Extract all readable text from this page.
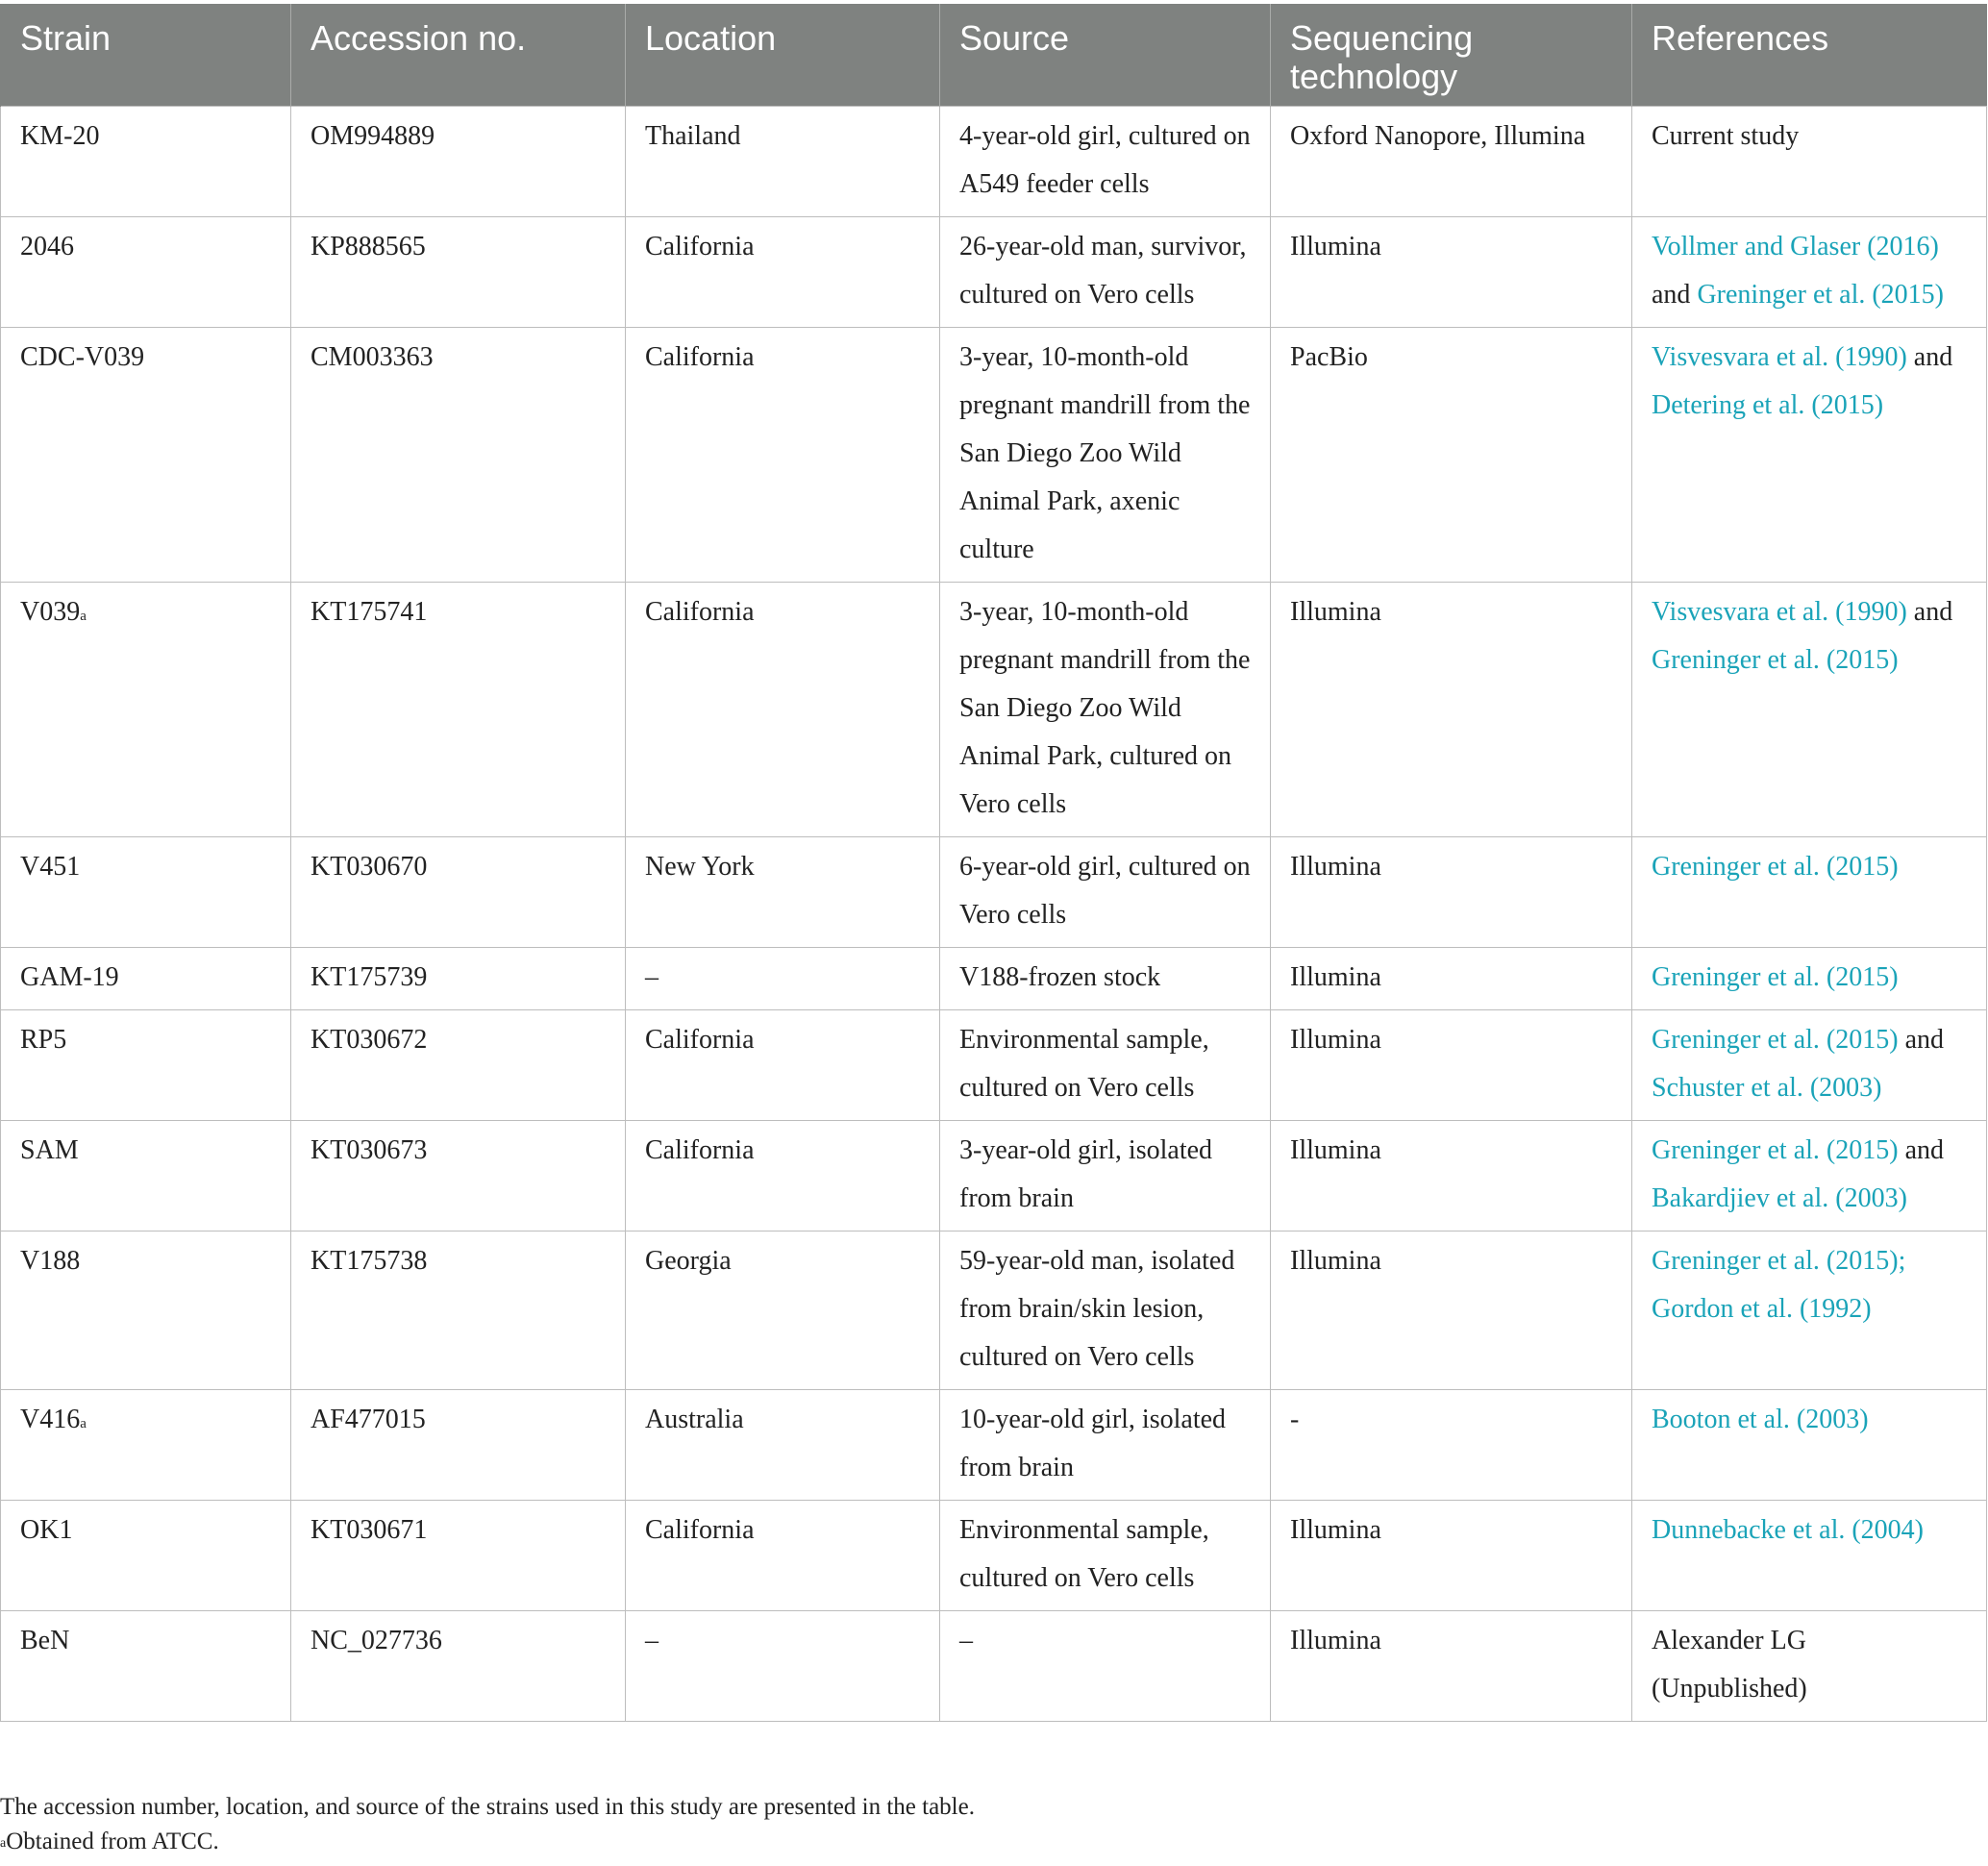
Strain	Accession no.	Location	Source	Sequencing technology	References
KM-20	OM994889	Thailand	4-year-old girl, cultured on A549 feeder cells	Oxford Nanopore, Illumina	Current study
2046	KP888565	California	26-year-old man, survivor, cultured on Vero cells	Illumina	Vollmer and Glaser (2016) and Greninger et al. (2015)
CDC-V039	CM003363	California	3-year, 10-month-old pregnant mandrill from the San Diego Zoo Wild Animal Park, axenic culture	PacBio	Visvesvara et al. (1990) and Detering et al. (2015)
V039$^a$	KT175741	California	3-year, 10-month-old pregnant mandrill from the San Diego Zoo Wild Animal Park, cultured on Vero cells	Illumina	Visvesvara et al. (1990) and Greninger et al. (2015)
V451	KT030670	New York	6-year-old girl, cultured on Vero cells	Illumina	Greninger et al. (2015)
GAM-19	KT175739	–	V188-frozen stock	Illumina	Greninger et al. (2015)
RP5	KT030672	California	Environmental sample, cultured on Vero cells	Illumina	Greninger et al. (2015) and Schuster et al. (2003)
SAM	KT030673	California	3-year-old girl, isolated from brain	Illumina	Greninger et al. (2015) and Bakardjiev et al. (2003)
V188	KT175738	Georgia	59-year-old man, isolated from brain/skin lesion, cultured on Vero cells	Illumina	Greninger et al. (2015); Gordon et al. (1992)
V416$^a$	AF477015	Australia	10-year-old girl, isolated from brain	-	Booton et al. (2003)
OK1	KT030671	California	Environmental sample, cultured on Vero cells	Illumina	Dunnebacke et al. (2004)
BeN	NC_027736	–	–	Illumina	Alexander LG (Unpublished)
The accession number, location, and source of the strains used in this study are presented in the table.
$^a$Obtained from ATCC.
